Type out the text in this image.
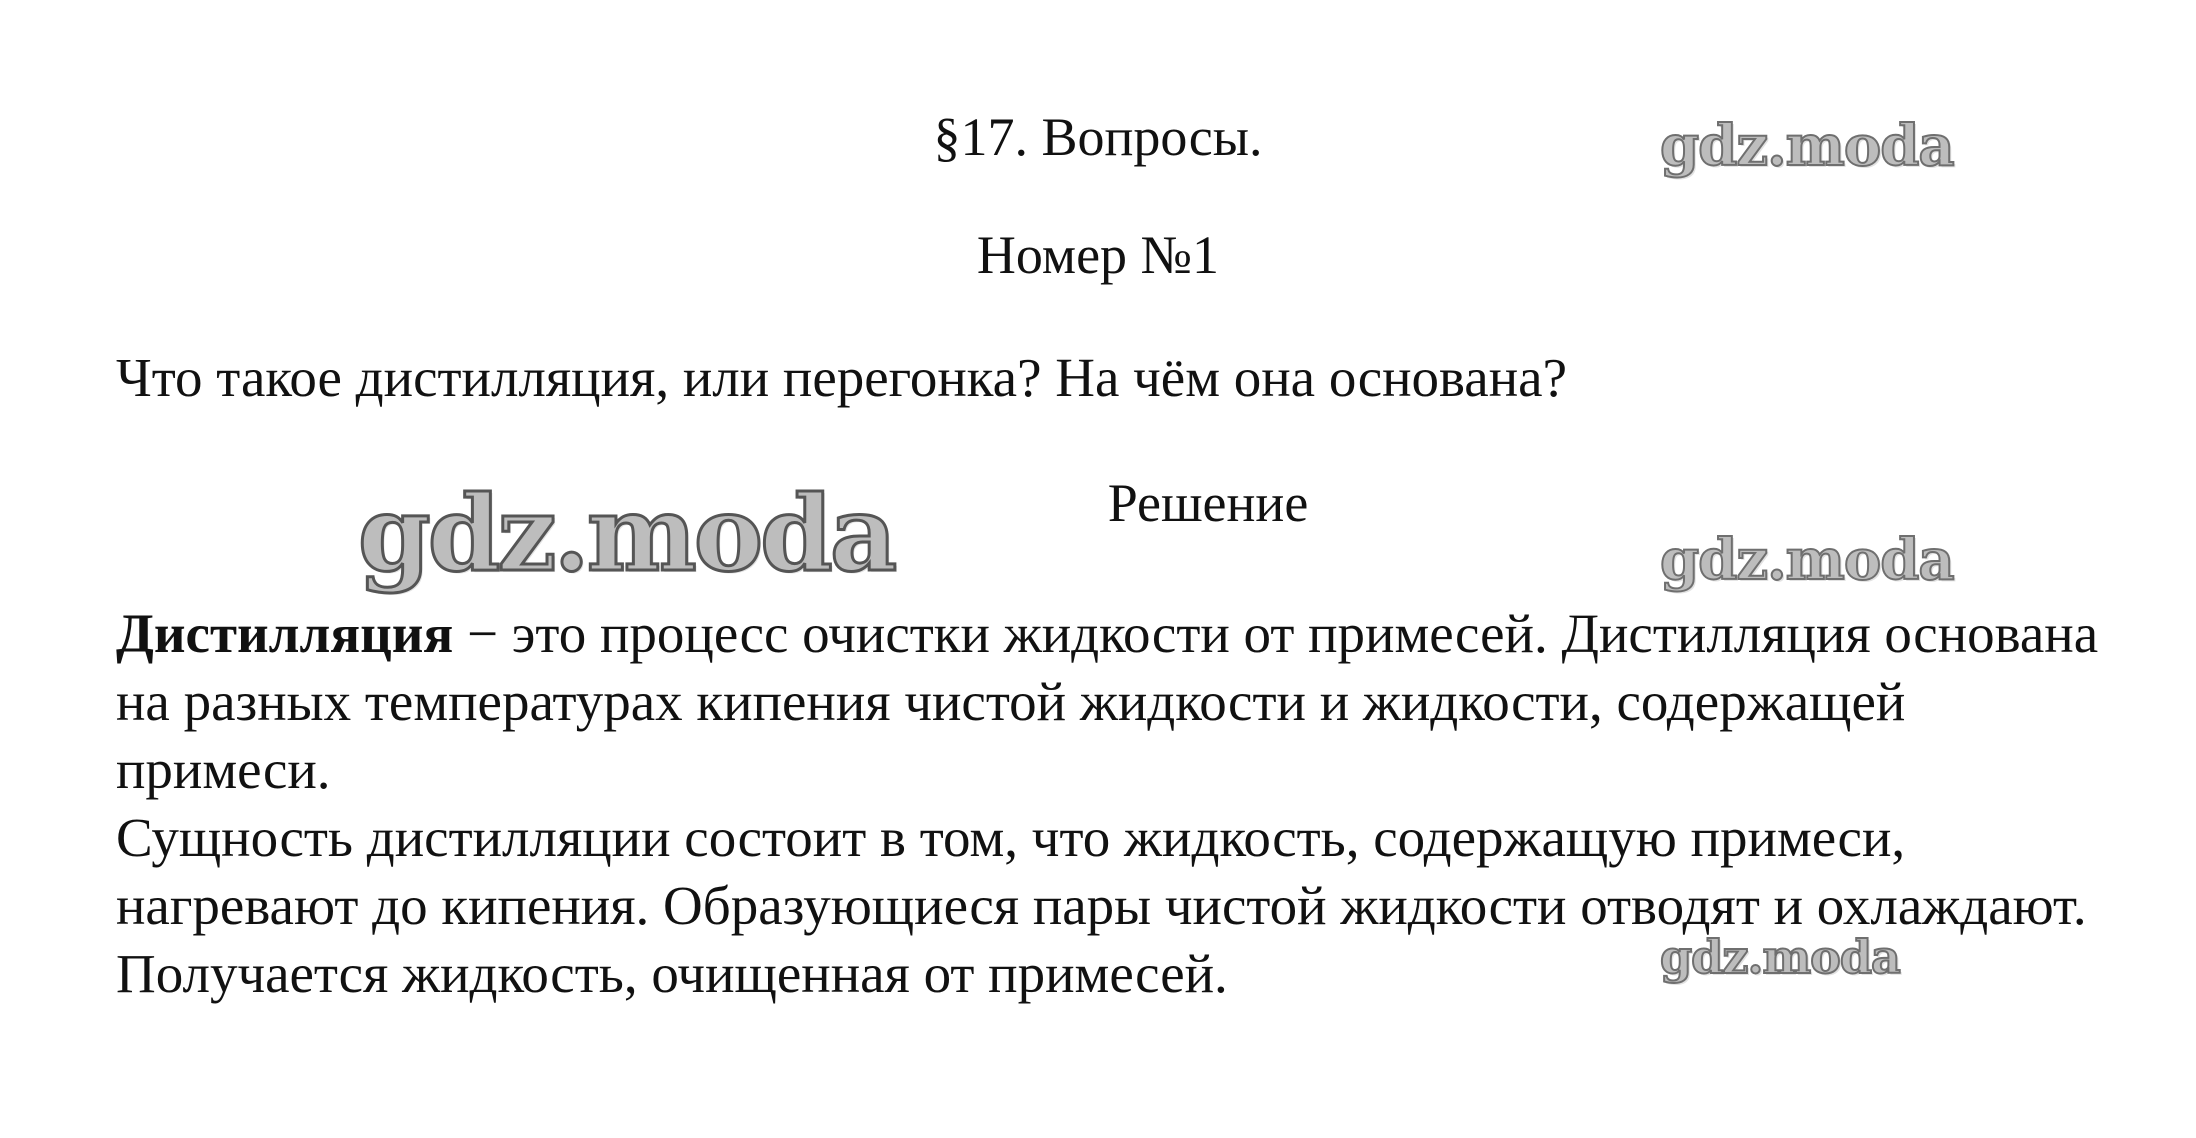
§17. Вопросы.
Номер №1
Что такое дистилляция, или перегонка? На чём она основана?
Решение

Дистилляция − это процесс очистки жидкости от примесей. Дистилляция основана на разных температурах кипения чистой жидкости и жидкости, содержащей примеси.

Сущность дистилляции состоит в том, что жидкость, содержащую примеси, нагревают до кипения. Образующиеся пары чистой жидкости отводят и охлаждают. Получается жидкость, очищенная от примесей.

gdz.moda
gdz.moda	gdz.moda
gdz.moda
